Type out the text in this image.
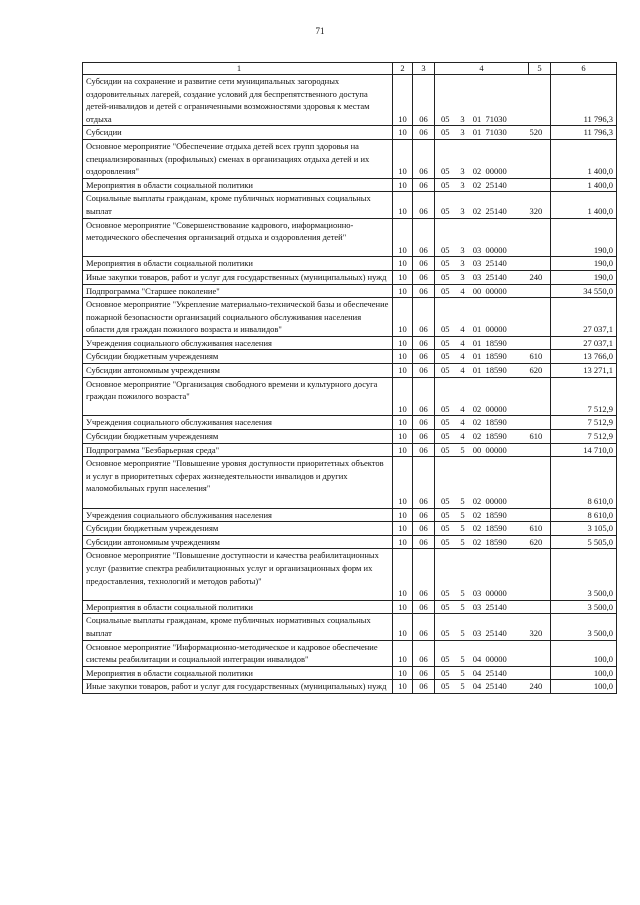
71
1	2	3	4					5	6
Субсидии на сохранение и развитие сети муниципальных загородных оздоровительных лагерей, создание условий для беспрепятственного доступа детей-инвалидов и детей с ограниченными возможностями здоровья к местам отдыха	10	06	05	3	01	71030			11 796,3
Субсидии	10	06	05	3	01	71030		520	11 796,3
Основное мероприятие "Обеспечение отдыха детей всех групп здоровья на специализированных (профильных) сменах в организациях отдыха детей и их оздоровления"	10	06	05	3	02	00000			1 400,0
Мероприятия в области социальной политики	10	06	05	3	02	25140			1 400,0
Социальные выплаты гражданам, кроме публичных нормативных социальных выплат	10	06	05	3	02	25140		320	1 400,0
Основное мероприятие "Совершенствование кадрового, информационно-методического обеспечения организаций отдыха и оздоровления детей"	10	06	05	3	03	00000			190,0
Мероприятия в области социальной политики	10	06	05	3	03	25140			190,0
Иные закупки товаров, работ и услуг для государственных (муниципальных) нужд	10	06	05	3	03	25140		240	190,0
Подпрограмма "Старшее поколение"	10	06	05	4	00	00000			34 550,0
Основное мероприятие "Укрепление материально-технической базы и обеспечение пожарной безопасности организаций социального обслуживания населения области для граждан пожилого возраста и инвалидов"	10	06	05	4	01	00000			27 037,1
Учреждения социального обслуживания населения	10	06	05	4	01	18590			27 037,1
Субсидии бюджетным учреждениям	10	06	05	4	01	18590		610	13 766,0
Субсидии автономным учреждениям	10	06	05	4	01	18590		620	13 271,1
Основное мероприятие "Организация свободного времени и культурного досуга граждан пожилого возраста"	10	06	05	4	02	00000			7 512,9
Учреждения социального обслуживания населения	10	06	05	4	02	18590			7 512,9
Субсидии бюджетным учреждениям	10	06	05	4	02	18590		610	7 512,9
Подпрограмма "Безбарьерная среда"	10	06	05	5	00	00000			14 710,0
Основное мероприятие "Повышение уровня доступности приоритетных объектов и услуг в приоритетных сферах жизнедеятельности инвалидов и других маломобильных групп населения"	10	06	05	5	02	00000			8 610,0
Учреждения социального обслуживания населения	10	06	05	5	02	18590			8 610,0
Субсидии бюджетным учреждениям	10	06	05	5	02	18590		610	3 105,0
Субсидии автономным учреждениям	10	06	05	5	02	18590		620	5 505,0
Основное мероприятие "Повышение доступности и качества реабилитационных услуг (развитие спектра реабилитационных услуг и организационных форм их предоставления, технологий и методов работы)"	10	06	05	5	03	00000			3 500,0
Мероприятия в области социальной политики	10	06	05	5	03	25140			3 500,0
Социальные выплаты гражданам, кроме публичных нормативных социальных выплат	10	06	05	5	03	25140		320	3 500,0
Основное мероприятие "Информационно-методическое и кадровое обеспечение системы реабилитации и социальной интеграции инвалидов"	10	06	05	5	04	00000			100,0
Мероприятия в области социальной политики	10	06	05	5	04	25140			100,0
Иные закупки товаров, работ и услуг для государственных (муниципальных) нужд	10	06	05	5	04	25140		240	100,0
